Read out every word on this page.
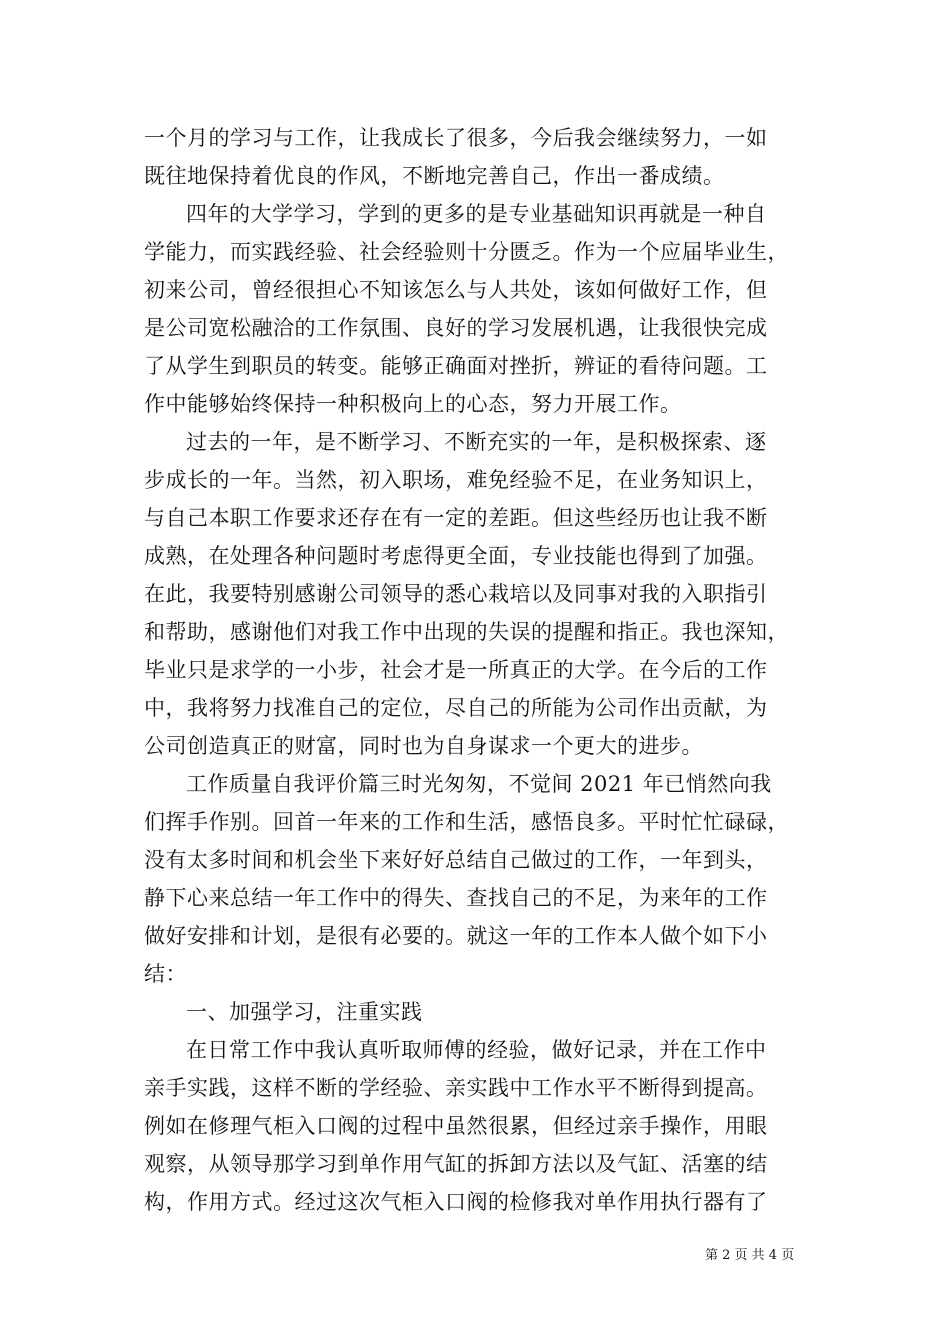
一个月的学习与工作，让我成长了很多，今后我会继续努力，一如
既往地保持着优良的作风，不断地完善自己，作出一番成绩。
四年的大学学习，学到的更多的是专业基础知识再就是一种自
学能力，而实践经验、社会经验则十分匮乏。作为一个应届毕业生，
初来公司，曾经很担心不知该怎么与人共处，该如何做好工作，但
是公司宽松融洽的工作氛围、良好的学习发展机遇，让我很快完成
了从学生到职员的转变。能够正确面对挫折，辨证的看待问题。工
作中能够始终保持一种积极向上的心态，努力开展工作。
过去的一年，是不断学习、不断充实的一年，是积极探索、逐
步成长的一年。当然，初入职场，难免经验不足，在业务知识上，
与自己本职工作要求还存在有一定的差距。但这些经历也让我不断
成熟，在处理各种问题时考虑得更全面，专业技能也得到了加强。
在此，我要特别感谢公司领导的悉心栽培以及同事对我的入职指引
和帮助，感谢他们对我工作中出现的失误的提醒和指正。我也深知，
毕业只是求学的一小步，社会才是一所真正的大学。在今后的工作
中，我将努力找准自己的定位，尽自己的所能为公司作出贡献，为
公司创造真正的财富，同时也为自身谋求一个更大的进步。
工作质量自我评价篇三时光匆匆，不觉间 2021 年已悄然向我
们挥手作别。回首一年来的工作和生活，感悟良多。平时忙忙碌碌，
没有太多时间和机会坐下来好好总结自己做过的工作，一年到头，
静下心来总结一年工作中的得失、查找自己的不足，为来年的工作
做好安排和计划，是很有必要的。就这一年的工作本人做个如下小
结：
一、加强学习，注重实践
在日常工作中我认真听取师傅的经验，做好记录，并在工作中
亲手实践，这样不断的学经验、亲实践中工作水平不断得到提高。
例如在修理气柜入口阀的过程中虽然很累，但经过亲手操作，用眼
观察，从领导那学习到单作用气缸的拆卸方法以及气缸、活塞的结
构，作用方式。经过这次气柜入口阀的检修我对单作用执行器有了
第 2 页 共 4 页
